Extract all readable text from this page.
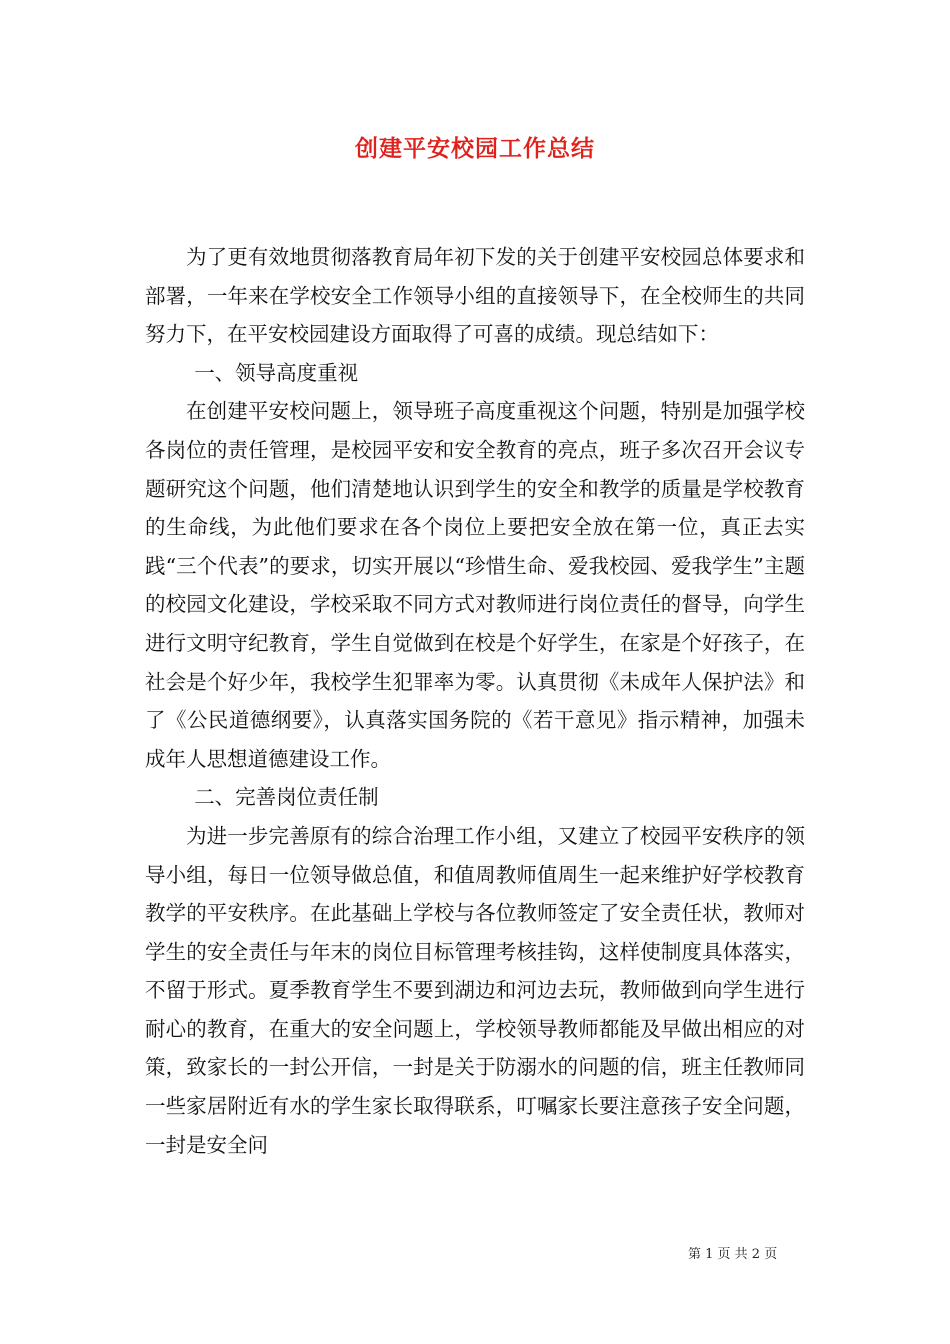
创建平安校园工作总结

为了更有效地贯彻落教育局年初下发的关于创建平安校园总体要求和部署，一年来在学校安全工作领导小组的直接领导下，在全校师生的共同努力下，在平安校园建设方面取得了可喜的成绩。现总结如下：

一、领导高度重视

在创建平安校问题上，领导班子高度重视这个问题，特别是加强学校各岗位的责任管理，是校园平安和安全教育的亮点，班子多次召开会议专题研究这个问题，他们清楚地认识到学生的安全和教学的质量是学校教育的生命线，为此他们要求在各个岗位上要把安全放在第一位，真正去实践“三个代表”的要求，切实开展以“珍惜生命、爱我校园、爱我学生”主题的校园文化建设，学校采取不同方式对教师进行岗位责任的督导，向学生进行文明守纪教育，学生自觉做到在校是个好学生，在家是个好孩子，在社会是个好少年，我校学生犯罪率为零。认真贯彻《未成年人保护法》和了《公民道德纲要》，认真落实国务院的《若干意见》指示精神，加强未成年人思想道德建设工作。

二、完善岗位责任制

为进一步完善原有的综合治理工作小组，又建立了校园平安秩序的领导小组，每日一位领导做总值，和值周教师值周生一起来维护好学校教育教学的平安秩序。在此基础上学校与各位教师签定了安全责任状，教师对学生的安全责任与年末的岗位目标管理考核挂钩，这样使制度具体落实，不留于形式。夏季教育学生不要到湖边和河边去玩，教师做到向学生进行耐心的教育，在重大的安全问题上，学校领导教师都能及早做出相应的对策，致家长的一封公开信，一封是关于防溺水的问题的信，班主任教师同一些家居附近有水的学生家长取得联系，叮嘱家长要注意孩子安全问题，一封是安全问

第 1 页 共 2 页
